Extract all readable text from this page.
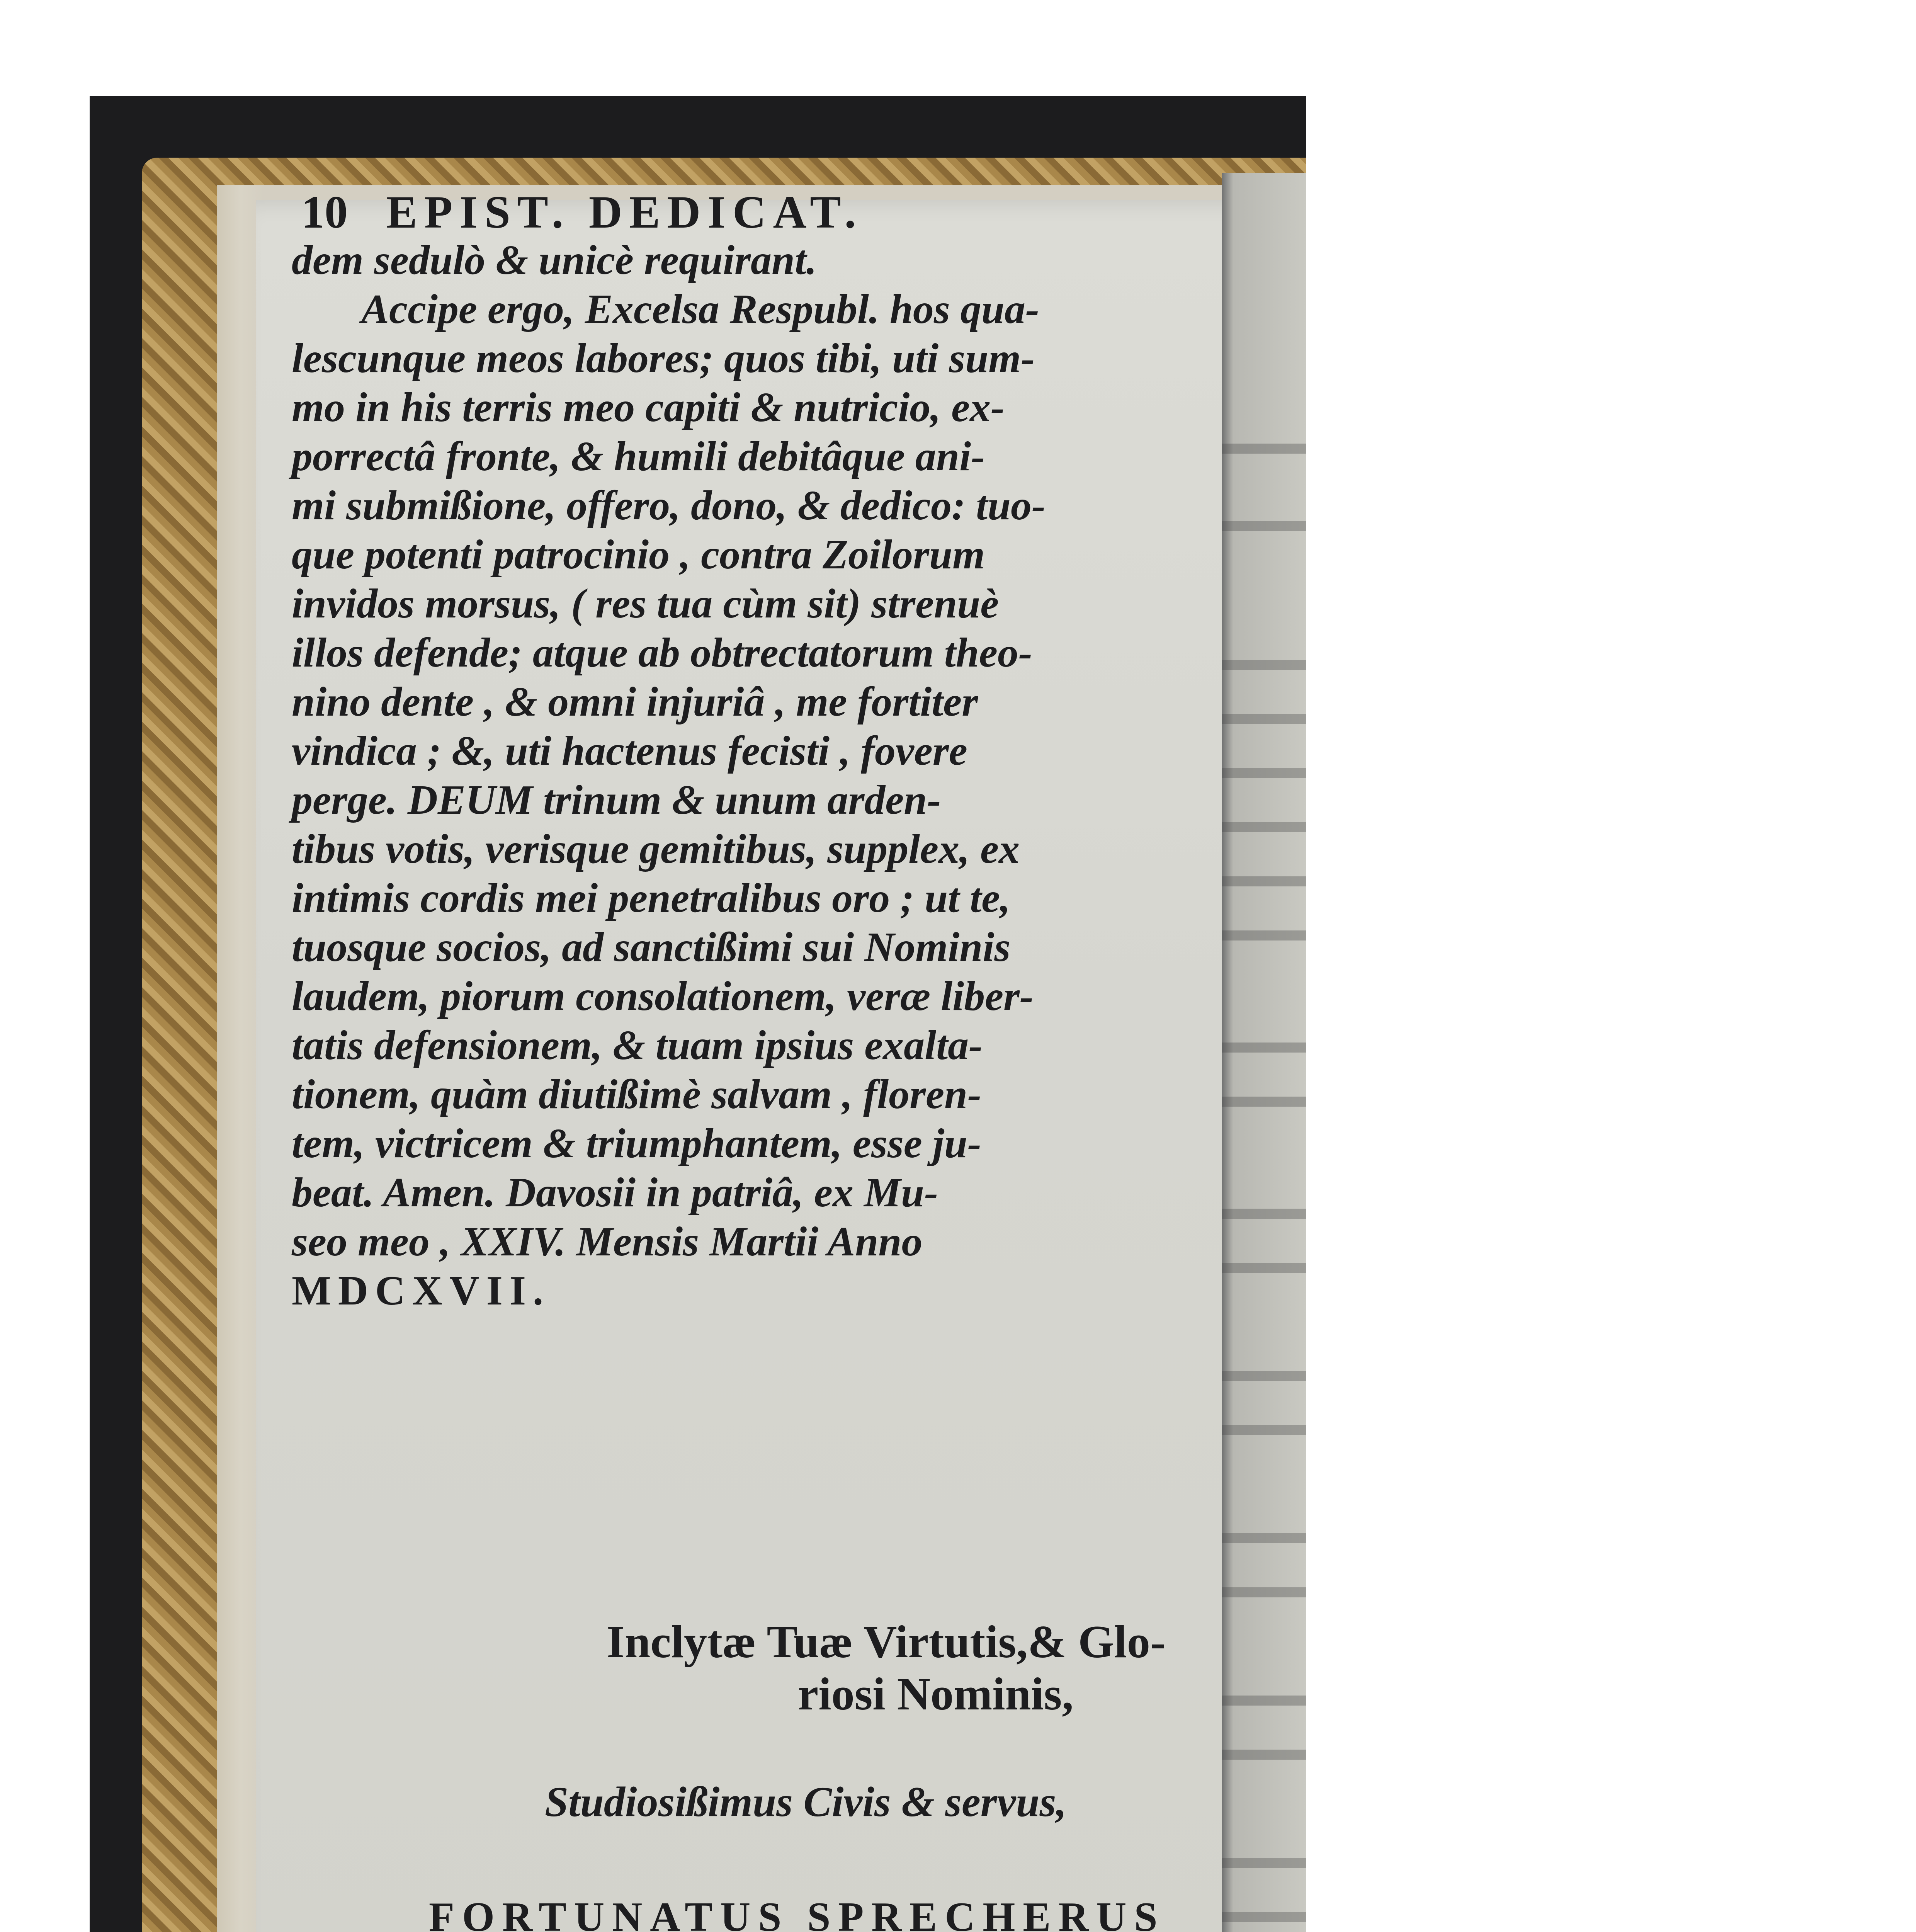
10 EPIST. DEDICAT.
dem sedulò & unicè requirant.
Accipe ergo, Excelsa Respubl. hos qua-
lescunque meos labores; quos tibi, uti sum-
mo in his terris meo capiti & nutricio, ex-
porrectâ fronte, & humili debitâque ani-
mi submißione, offero, dono, & dedico: tuo-
que potenti patrocinio , contra Zoilorum
invidos morsus, ( res tua cùm sit) strenuè
illos defende; atque ab obtrectatorum theo-
nino dente , & omni injuriâ , me fortiter
vindica ; &, uti hactenus fecisti , fovere
perge. DEUM trinum & unum arden-
tibus votis, verisque gemitibus, supplex, ex
intimis cordis mei penetralibus oro ; ut te,
tuosque socios, ad sanctißimi sui Nominis
laudem, piorum consolationem, veræ liber-
tatis defensionem, & tuam ipsius exalta-
tionem, quàm diutißimè salvam , floren-
tem, victricem & triumphantem, esse ju-
beat. Amen. Davosii in patriâ, ex Mu-
seo meo , XXIV. Mensis Martii Anno
MDCXVII.
Inclytæ Tuæ Virtutis,& Glo-
riosi Nominis,
Studiosißimus Civis & servus,
FORTUNATUS SPRECHERUS
